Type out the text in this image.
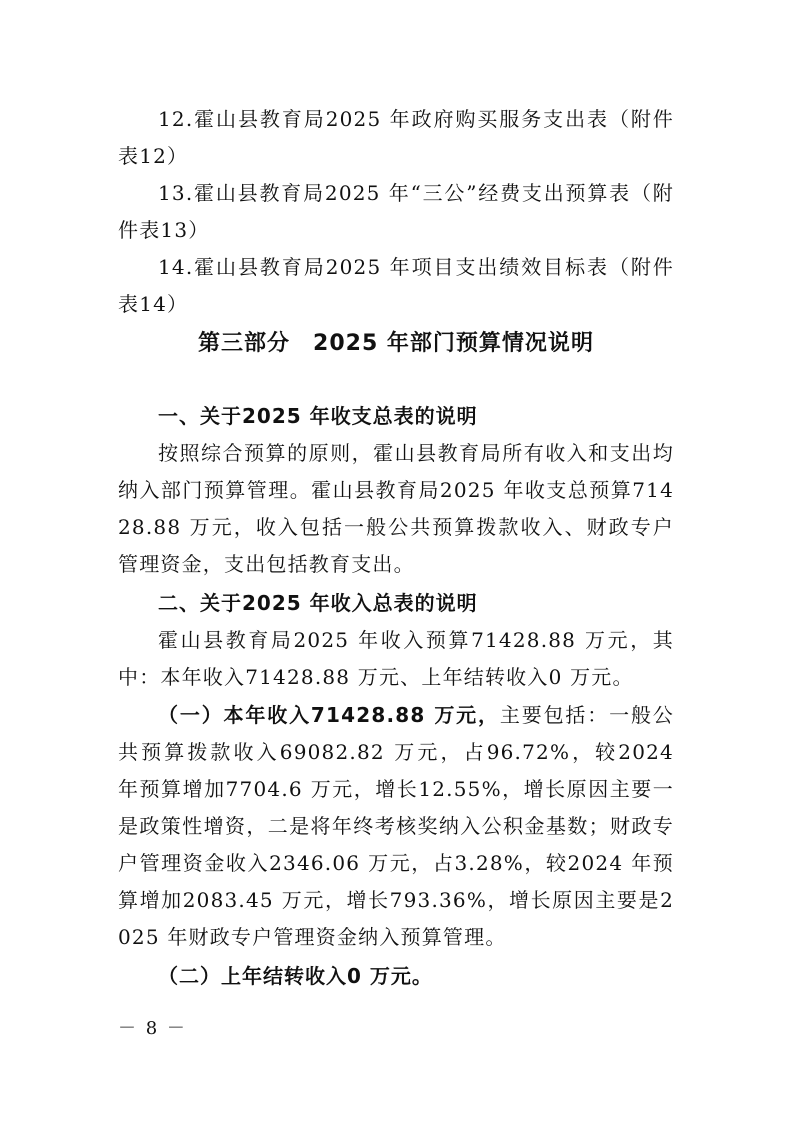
12.霍山县教育局2025 年政府购买服务支出表（附件表12）
13.霍山县教育局2025 年“三公”经费支出预算表（附件表13）
14.霍山县教育局2025 年项目支出绩效目标表（附件表14）
第三部分　2025 年部门预算情况说明
一、关于2025 年收支总表的说明
按照综合预算的原则，霍山县教育局所有收入和支出均纳入部门预算管理。霍山县教育局2025 年收支总预算71428.88 万元，收入包括一般公共预算拨款收入、财政专户管理资金，支出包括教育支出。
二、关于2025 年收入总表的说明
霍山县教育局2025 年收入预算71428.88 万元，其中：本年收入71428.88 万元、上年结转收入0 万元。
（一）本年收入71428.88 万元，主要包括：一般公共预算拨款收入69082.82 万元，占96.72%，较2024 年预算增加7704.6 万元，增长12.55%，增长原因主要一是政策性增资，二是将年终考核奖纳入公积金基数；财政专户管理资金收入2346.06 万元，占3.28%，较2024 年预算增加2083.45 万元，增长793.36%，增长原因主要是2025 年财政专户管理资金纳入预算管理。
（二）上年结转收入0 万元。
－ 8 －
